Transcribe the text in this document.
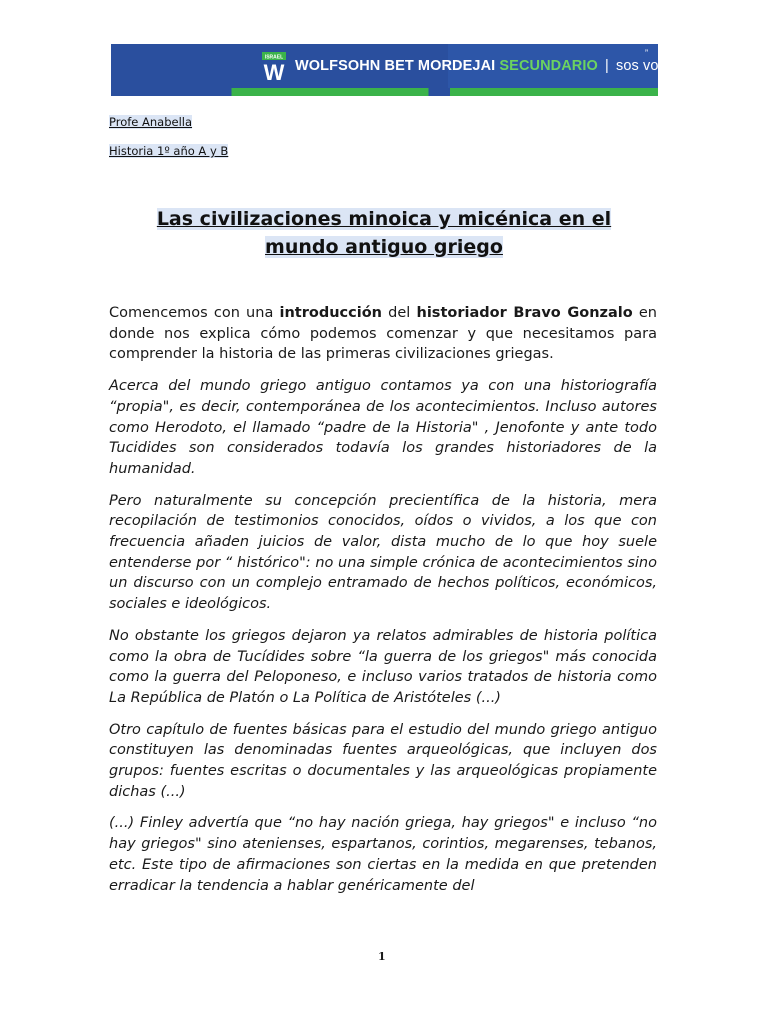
ISRAEL
W WOLFSOHN BET MORDEJAI SECUNDARIO | sos vos
”
Profe Anabella
Historia 1º año A y B
Las civilizaciones minoica y micénica en el
mundo antiguo griego

Comencemos con una introducción del historiador Bravo Gonzalo en donde nos explica cómo podemos comenzar y que necesitamos para comprender la historia de las primeras civilizaciones griegas.

Acerca del mundo griego antiguo contamos ya con una historiografía “propia", es decir, contemporánea de los acontecimientos. Incluso autores como Herodoto, el llamado “padre de la Historia" , Jenofonte y ante todo Tucidides son considerados todavía los grandes historiadores de la humanidad.

Pero naturalmente su concepción precientífica de la historia, mera recopilación de testimonios conocidos, oídos o vividos, a los que con frecuencia añaden juicios de valor, dista mucho de lo que hoy suele entenderse por “ histórico": no una simple crónica de acontecimientos sino un discurso con un complejo entramado de hechos políticos, económicos, sociales e ideológicos.

No obstante los griegos dejaron ya relatos admirables de historia política como la obra de Tucídides sobre “la guerra de los griegos" más conocida como la guerra del Peloponeso, e incluso varios tratados de historia como La República de Platón o La Política de Aristóteles (...)

Otro capítulo de fuentes básicas para el estudio del mundo griego antiguo constituyen las denominadas fuentes arqueológicas, que incluyen dos grupos: fuentes escritas o documentales y las arqueológicas propiamente dichas (...)

(...) Finley advertía que “no hay nación griega, hay griegos" e incluso “no hay griegos" sino atenienses, espartanos, corintios, megarenses, tebanos, etc. Este tipo de afirmaciones son ciertas en la medida en que pretenden erradicar la tendencia a hablar genéricamente del

1
